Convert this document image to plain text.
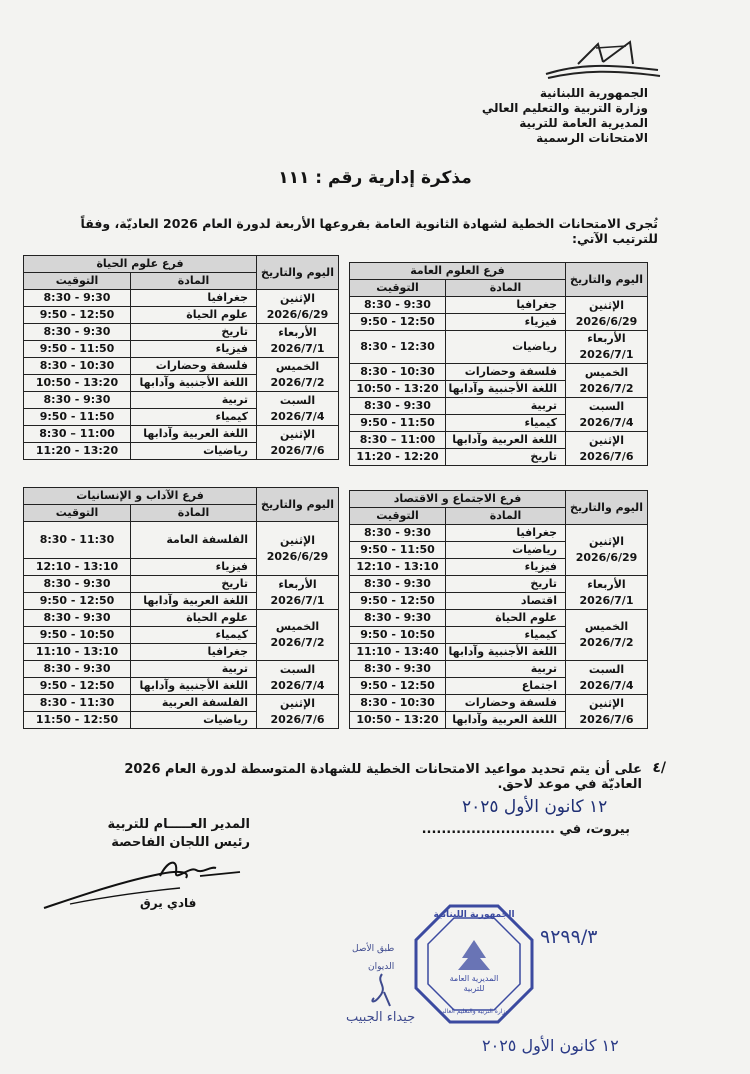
الجمهورية اللبنانية
وزارة التربية والتعليم العالي
المديرية العامة للتربية
الامتحانات الرسمية
مذكرة إدارية رقم : ١١١
تُجرى الامتحانات الخطية لشهادة الثانوية العامة بفروعها الأربعة لدورة العام 2026 العاديّة، وفقاً للترتيب الآتي:
اليوم والتاريخ	فرع العلوم العامة	
	المادة	التوقيت

الإثنين
2026/6/29	جغرافيا	8:30 - 9:30
	فيزياء	9:50 - 12:50

الأربعاء
2026/7/1	رياضيات	8:30 - 12:30

الخميس
2026/7/2	فلسفة وحضارات	8:30 - 10:30
	اللغة الأجنبية وآدابها	10:50 - 13:20

السبت
2026/7/4	تربية	8:30 - 9:30
	كيمياء	9:50 - 11:50

الإثنين
2026/7/6	اللغة العربية وآدابها	8:30 – 11:00
	تاريخ	11:20 - 12:20
اليوم والتاريخ	فرع علوم الحياة	
	المادة	التوقيت

الإثنين
2026/6/29	جغرافيا	8:30 - 9:30
	علوم الحياة	9:50 - 12:50

الأربعاء
2026/7/1	تاريخ	8:30 - 9:30
	فيزياء	9:50 - 11:50

الخميس
2026/7/2	فلسفة وحضارات	8:30 - 10:30
	اللغة الأجنبية وآدابها	10:50 - 13:20

السبت
2026/7/4	تربية	8:30 - 9:30
	كيمياء	9:50 - 11:50

الإثنين
2026/7/6	اللغة العربية وآدابها	8:30 – 11:00
	رياضيات	11:20 - 13:20
اليوم والتاريخ	فرع الاجتماع و الاقتصاد	
	المادة	التوقيت

الإثنين
2026/6/29	جغرافيا	8:30 - 9:30
	رياضيات	9:50 - 11:50
	فيزياء	12:10 - 13:10

الأربعاء
2026/7/1	تاريخ	8:30 - 9:30
	اقتصاد	9:50 - 12:50

الخميس
2026/7/2	علوم الحياة	8:30 - 9:30
	كيمياء	9:50 - 10:50
	اللغة الأجنبية وآدابها	11:10 - 13:40

السبت
2026/7/4	تربية	8:30 - 9:30
	اجتماع	9:50 - 12:50

الإثنين
2026/7/6	فلسفة وحضارات	8:30 - 10:30
	اللغة العربية وآدابها	10:50 - 13:20
اليوم والتاريخ	فرع الآداب و الإنسانيات	
	المادة	التوقيت

الإثنين
2026/6/29	الفلسفة العامة	8:30 - 11:30
	فيزياء	12:10 - 13:10

الأربعاء
2026/7/1	تاريخ	8:30 - 9:30
	اللغة العربية وآدابها	9:50 - 12:50

الخميس
2026/7/2	علوم الحياة	8:30 - 9:30
	كيمياء	9:50 - 10:50
	جغرافيا	11:10 - 13:10

السبت
2026/7/4	تربية	8:30 - 9:30
	اللغة الأجنبية وآدابها	9:50 - 12:50

الإثنين
2026/7/6	الفلسفة العربية	8:30 - 11:30
	رياضيات	11:50 - 12:50
٤/
على أن يتم تحديد مواعيد الامتحانات الخطية للشهادة المتوسطة لدورة العام 2026 العاديّة في موعد لاحق.
١٢ كانون الأول ٢٠٢٥
بيروت، في ...........................
المدير العـــــام للتربية
رئيس اللجان الفاحصة
فادي يرق
الجمهورية اللبنانية
المديرية العامة
للتربية
وزارة التربية والتعليم العالي
٩٢٩٩/٣
طبق الأصل
الديوان
جيداء الجبيب
١٢ كانون الأول ٢٠٢٥
